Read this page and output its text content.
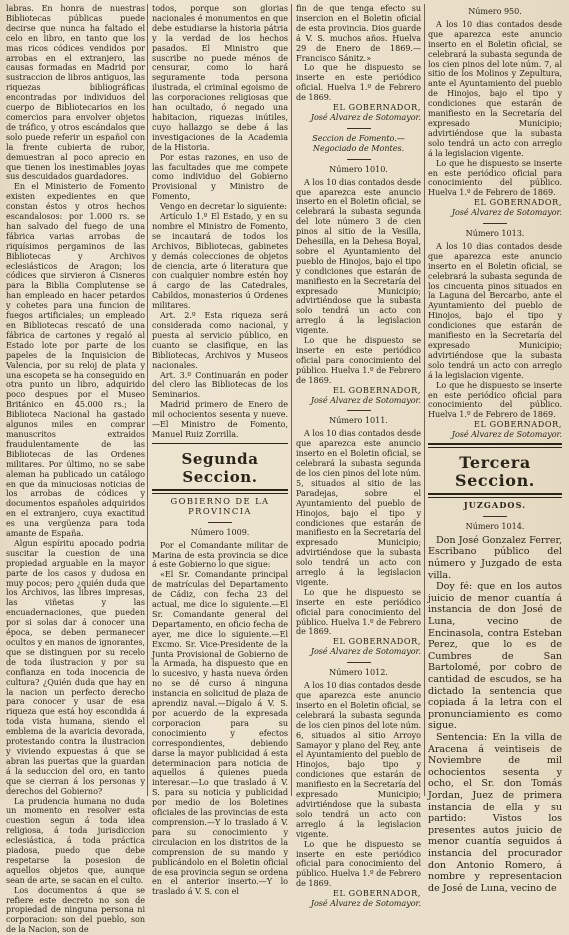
labras. En honra de nuestras Bibliotecas públicas puede decirse que nunca ha faltado el celo en libro, en tanto que los mas ricos códices vendidos por arrobas en el extranjero, las causas formadas en Madrid por sustraccion de libros antiguos, las riquezas bibliográficas encontradas por individuos del cuerpo de Bibliotecarios en los comercios para envolver objetos de tráfico, y otros escándalos que solo puede referir un español con la frente cubierta de rubor, demuestran al poco aprecio en que tienen los inestimables joyas sus descuidados guardadores.

En el Ministerio de Fomento existen expedientes en que constan éstos y otros hechos escandalosos: por 1.000 rs. se han salvado del fuego de una fábrica varias arrobas de riquísimos pergaminos de las Bibliotecas y Archivos eclesiásticos de Aragon; los códices que sirvieron á Cisneros para la Biblia Complutense se han empleado en hacer petardos y cohetes para una funcion de fuegos artificiales; un empleado en Bibliotecas rescató de una fábrica de cartones y regaló al Estado lote por parte de los papeles de la Inquisicion de Valencia, por su reloj de plata y una escopeta se ha conseguido en otra punto un libro, adquirido poco despues por el Museo Británico en 45.000 rs.; la Biblioteca Nacional ha gastado algunos miles en comprar manuscritos extraidos fraudulentamente de las Bibliotecas de las Ordenes militares. Por último, no se sabe aleman ha publicado un catálogo en que da minuciosas noticias de los arrobas de códices y documentos españoles adquiridos en el extranjero, cuya exactitud es una vergüenza para toda amante de España.

Algun espíritu apocado podria suscitar la cuestion de una propiedad arguable en la mayor parte de los casos y dudosa en muy pocos; pero ¿quién duda que los Archivos, las libres impresas, las viñetas y las encuadernaciones, que pueden por si solas dar á conocer una época, se deben permanecer ocultos y en manos de ignorantes, que se distinguen por su recelo de toda ilustracion y por su confianza en toda inocencia de cultura? ¿Quién duda que hay en la nacion un perfecto derecho para conocer y usar de esa riqueza que está hoy escondida á toda vista humana, siendo el emblema de la avaricia devorada, protestando contra la ilustracion y viviendo expuestas á que se abran las puertas que la guardan á la seduccion del oro, en tanto que se cierran á los personas y derechos del Gobierno?

La prudencia humana no duda un momento en resolver esta cuestion segun á toda idea religiosa, á toda jurisdiccion eclesiástica, á toda práctica piadosa, puedo que debe respetarse la posesion de aquellos objetos que, aunque sean de arte, se sacan en el culto.

Los documentos á que se refiere este decreto no son de propiedad de ninguna persona ni corporacion: son del pueblo, son de la Nacion, son de

todos, porque son glorias nacionales é monumentos en que debe estudiarse la historia pátria y la verdad de los hechos pasados. El Ministro que suscribe no puede ménos de censurar, como lo hará seguramente toda persona ilustrada, el criminal egoismo de las corporaciones religiosas que han ocultado, ó negado una habitacion, riquezas inútiles, cuyo hallazgo se debe á las investigaciones de la Academia de la Historia.

Por estas razones, en uso de las facultades que me compete como individuo del Gobierno Provisional y Ministro de Fomento,

Vengo en decretar lo siguiente:

Artículo 1.º El Estado, y en su nombre el Ministro de Fomento, se incautará de todos los Archivos, Bibliotecas, gabinetes y demás colecciones de objetos de ciencia, arte ó literatura que con cualquier nombre estén hoy á cargo de las Catedrales, Cabildos, monasterios ú Ordenes militares.

Art. 2.º Esta riqueza será considerada como nacional, y puesta al servicio público, en cuanto se clasifique, en las Bibliotecas, Archivos y Museos nacionales.

Art. 3.º Continuarán en poder del clero las Bibliotecas de los Seminarios.

Madrid primero de Enero de mil ochocientos sesenta y nueve.—El Ministro de Fomento, Manuel Ruiz Zorrilla.

Segunda Seccion.
GOBIERNO DE LA PROVINCIA
Número 1009.

Por el Comandante militar de Marina de esta provincia se dice á este Gobierno lo que sigue:

«El Sr. Comandante principal de matrículas del Departamento de Cádiz, con fecha 23 del actual, me dice lo siguiente.—El Sr. Comandante general del Departamento, en oficio fecha de ayer, me dice lo siguiente.—El Excmo. Sr. Vice-Presidente de la Junta Provisional de Gobierno de la Armada, ha dispuesto que en lo sucesivo, y hasta nueva órden no se dé curso á ninguna instancia en solicitud de plaza de aprendiz naval.—Dígalo á V. S. por acuerdo de la expresada corporacion para su conocimiento y efectos correspondientes, debiendo darse la mayor publicidad á esta determinacion para noticia de aquellos á quienes pueda interesar.—Lo que traslado á V. S. para su noticia y publicidad por medio de los Boletines oficiales de las provincias de esta comprension.—Y lo traslado á V. para su conocimiento y circulacion en los distritos de la comprension de su mando y publicándolo en el Boletin oficial de esa provincia segun se ordena en el anterior inserto.—Y lo traslado á V. S. con el

fin de que tenga efecto su insercion en el Boletin oficial de esta provincia. Dios guarde á V. S. muchos años. Huelva 29 de Enero de 1869.—Francisco Sánitz.»

Lo que he dispuesto se inserte en este periódico oficial. Huelva 1.º de Febrero de 1869.

EL GOBERNADOR,
José Alvarez de Sotomayor.
Seccion de Fomento.—Negociado de Montes.
Número 1010.

A los 10 dias contados desde que aparezca este anuncio inserto en el Boletin oficial, se celebrará la subasta segunda del lote número 3 de cien pinos al sitio de la Vesilla, Dehesilla, en la Dehesa Boyal, sobre el Ayuntamiento del pueblo de Hinojos, bajo el tipo y condiciones que estarán de manifiesto en la Secretaría del expresado Municipio; advirtiéndose que la subasta solo tendrá un acto con arreglo á la legislacion vigente.

Lo que he dispuesto se inserte en este periódico oficial para conocimiento del público. Huelva 1.º de Febrero de 1869.

EL GOBERNADOR,
José Alvarez de Sotomayor.
Número 1011.

A los 10 dias contados desde que aparezca este anuncio inserto en el Boletin oficial, se celebrará la subasta segunda de los cien pinos del lote núm. 5, situados al sitio de las Paradejas, sobre el Ayuntamiento del pueblo de Hinojos, bajo el tipo y condiciones que estarán de manifiesto en la Secretaría del expresado Municipio; advirtiéndose que la subasta solo tendrá un acto con arreglo á la legislacion vigente.

Lo que he dispuesto se inserte en este periódico oficial para conocimiento del público. Huelva 1.º de Febrero de 1869.

EL GOBERNADOR,
José Alvarez de Sotomayor.
Número 1012.

A los 10 dias contados desde que aparezca este anuncio inserto en el Boletin oficial, se celebrará la subasta segunda de los cien pinos del lote núm. 6, situados al sitio Arroyo Samayor y plano del Rey, ante el Ayuntamiento del pueblo de Hinojos, bajo tipo y condiciones que estarán de manifiesto en la Secretaría del expresado Municipio; advirtiéndose que la subasta solo tendrá un acto con arreglo á la legislacion vigente.

Lo que he dispuesto se inserte en este periódico oficial para conocimiento del público. Huelva 1.º de Febrero de 1869.

EL GOBERNADOR,
José Alvarez de Sotomayor.
Número 950.

A los 10 dias contados desde que aparezca este anuncio inserto en el Boletin oficial, se celebrará la subasta segunda de los cien pinos del lote núm. 7, al sitio de los Molinos y Zepultura, ante el Ayuntamiento del pueblo de Hinojos, bajo el tipo y condiciones que estarán de manifiesto en la Secretaría del expresado Municipio; advirtiéndose que la subasta solo tendrá un acto con arreglo á la legislacion vigente.

Lo que he dispuesto se inserte en este periódico oficial para conocimiento del público. Huelva 1.º de Febrero de 1869.

EL GOBERNADOR,
José Alvarez de Sotomayor.
Número 1013.

A los 10 dias contados desde que aparezca este anuncio inserto en el Boletin oficial, se celebrará la subasta segunda de los cincuenta pinos situados en la Laguna del Bercarbo, ante el Ayuntamiento del pueblo de Hinojos, bajo el tipo y condiciones que estarán de manifiesto en la Secretaría del expresado Municipio; advirtiéndose que la subasta solo tendrá un acto con arreglo á la legislacion vigente.

Lo que he dispuesto se inserte en este periódico oficial para conocimiento del público. Huelva 1.º de Febrero de 1869.

EL GOBERNADOR,
José Alvarez de Sotomayor.
Tercera Seccion.
JUZGADOS.
Número 1014.

Don José Gonzalez Ferrer, Escribano público del número y Juzgado de esta villa.

Doy fé: que en los autos juicio de menor cuantía á instancia de don José de Luna, vecino de Encinasola, contra Esteban Perez, que lo es de Cumbres de San Bartolomé, por cobro de cantidad de escudos, se ha dictado la sentencia que copiada á la letra con el pronunciamiento es como sigue.

Sentencia: En la villa de Aracena á veintiseis de Noviembre de mil ochocientos sesenta y ocho, el Sr. don Tomás Jordan, Juez de primera instancia de ella y su partido: Vistos los presentes autos juicio de menor cuantía seguidos á instancia del procurador don Antonio Romero, á nombre y representacion de José de Luna, vecino de
